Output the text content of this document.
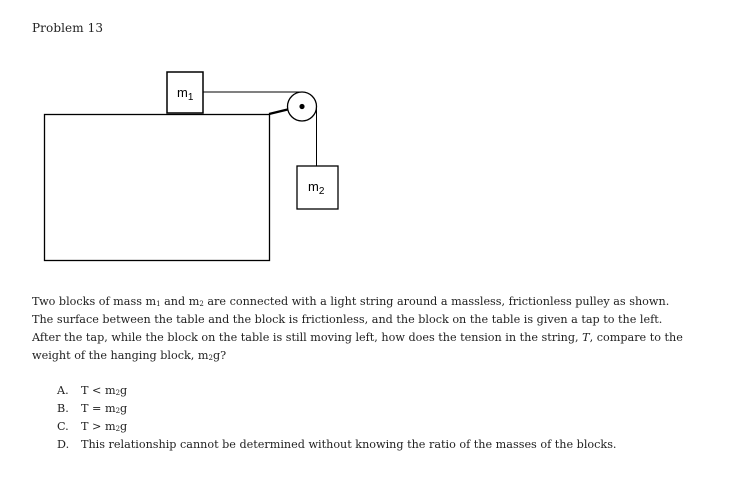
Problem 13
$m_1$
$m_2$
Two blocks of mass $m_1$ and $m_2$ are connected with a light string around a massless, frictionless pulley as shown.
The surface between the table and the block is frictionless, and the block on the table is given a tap to the left.
After the tap, while the block on the table is still moving left, how does the tension in the string, T, compare to the
weight of the hanging block, $m_2g$?
A. $T < m_2g$
B. $T = m_2g$
C. $T > m_2g$
D. This relationship cannot be determined without knowing the ratio of the masses of the blocks.
